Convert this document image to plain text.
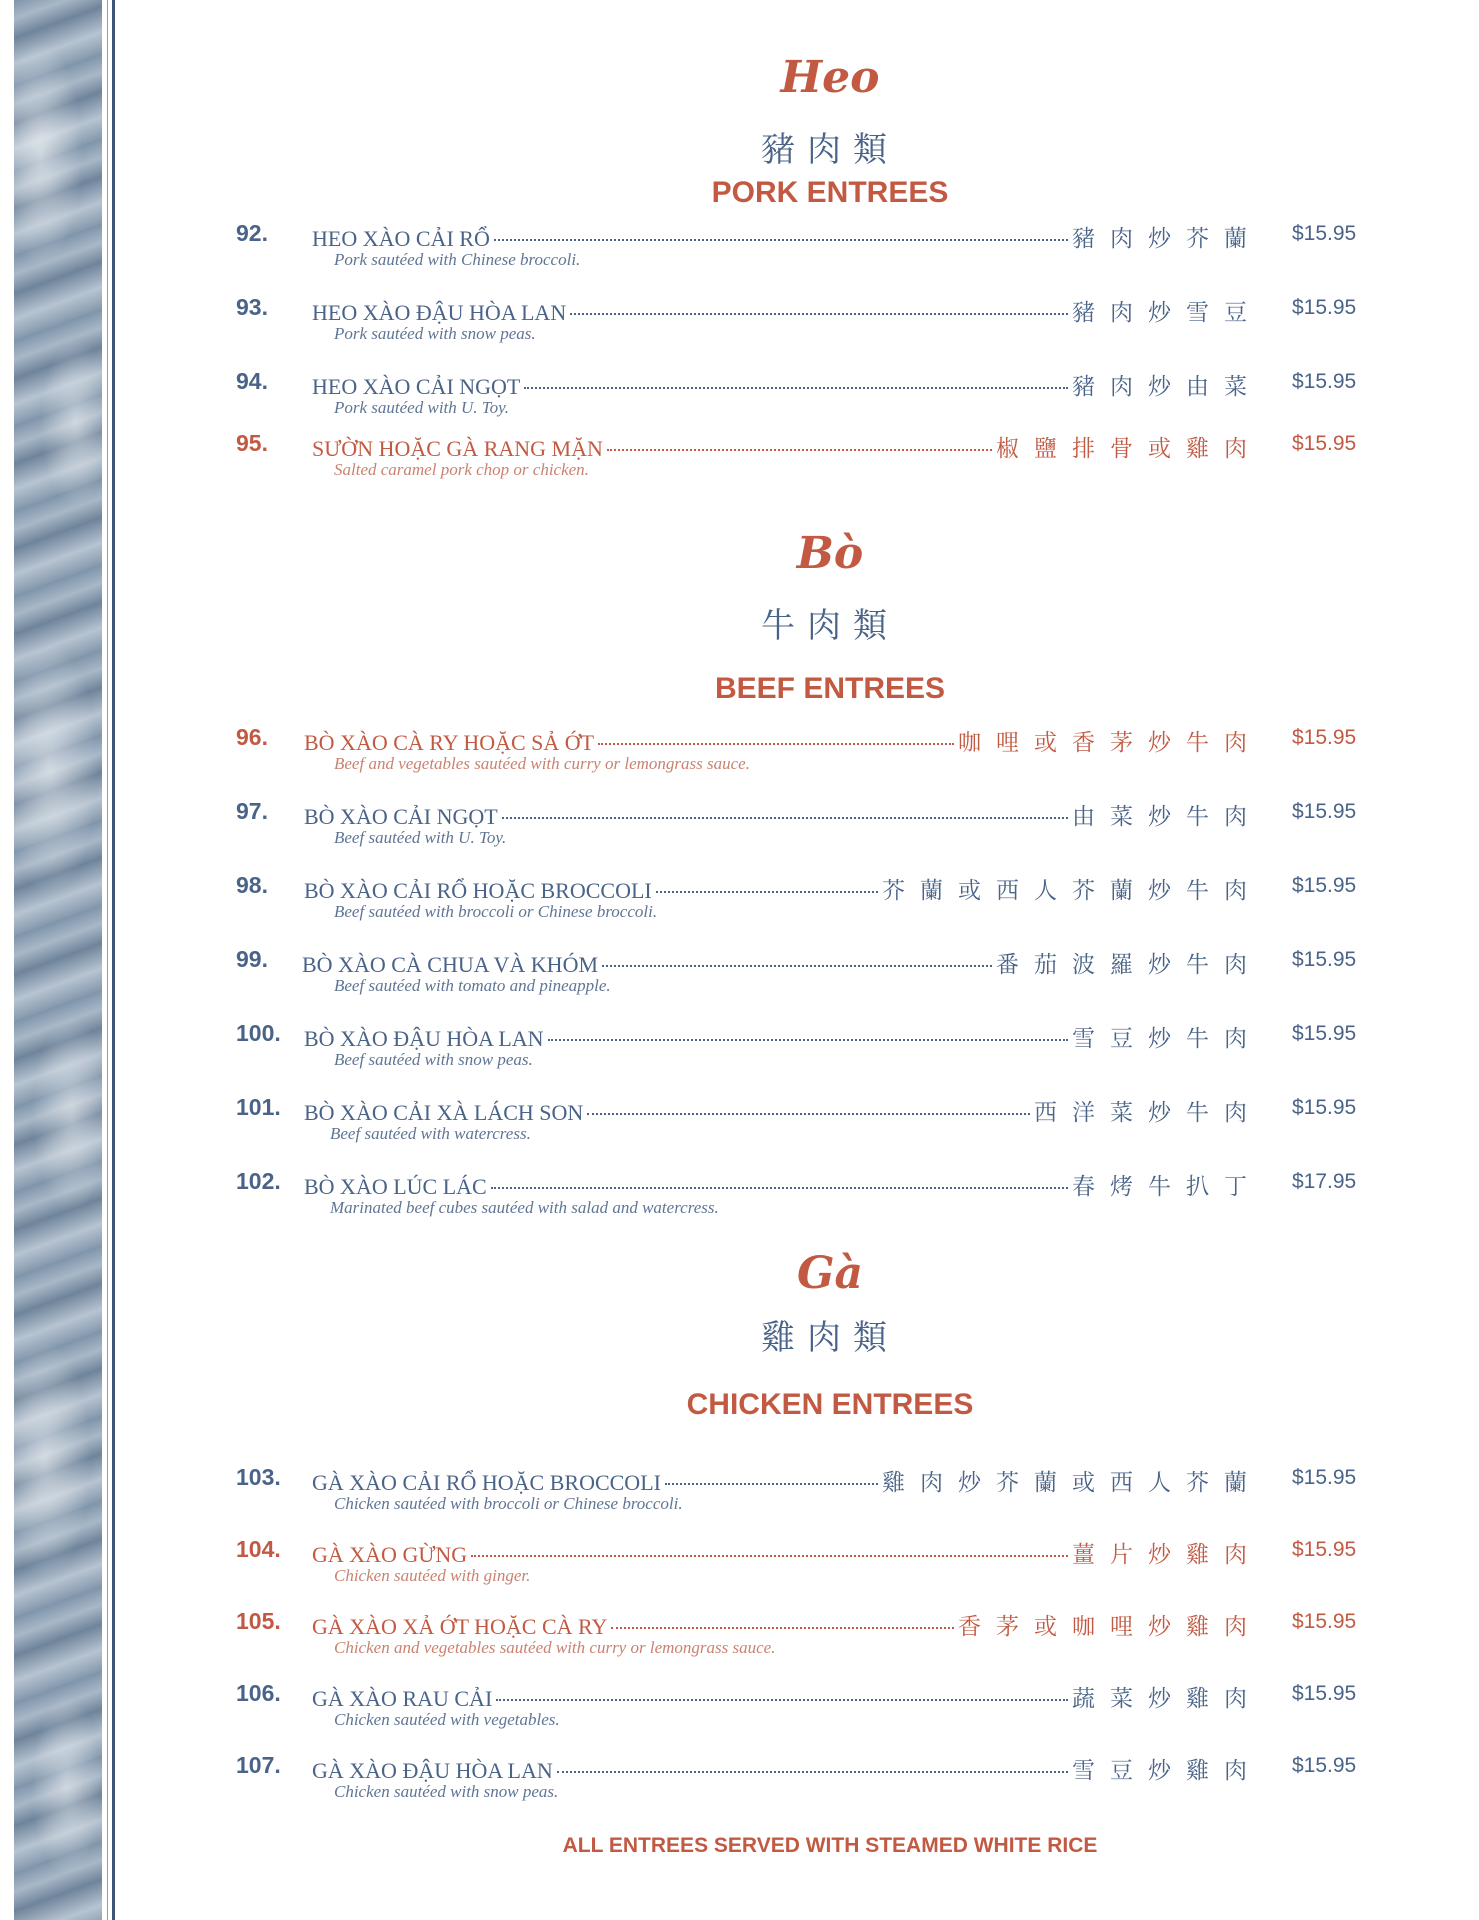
Heo
豬肉類
PORK ENTREES
92. HEO XÀO CẢI RỔ	豬肉炒芥蘭 $15.95
Pork sautéed with Chinese broccoli.
93. HEO XÀO ĐẬU HÒA LAN	豬肉炒雪豆 $15.95
Pork sautéed with snow peas.
94. HEO XÀO CẢI NGỌT	豬肉炒由菜 $15.95
Pork sautéed with U. Toy.
95. SƯỜN HOẶC GÀ RANG MẶN	椒鹽排骨或雞肉 $15.95
Salted caramel pork chop or chicken.
Bò
牛肉類
BEEF ENTREES
96. BÒ XÀO CÀ RY HOẶC SẢ ỚT	咖哩或香茅炒牛肉 $15.95
Beef and vegetables sautéed with curry or lemongrass sauce.
97. BÒ XÀO CẢI NGỌT	由菜炒牛肉 $15.95
Beef sautéed with U. Toy.
98. BÒ XÀO CẢI RỔ HOẶC BROCCOLI	芥蘭或西人芥蘭炒牛肉 $15.95
Beef sautéed with broccoli or Chinese broccoli.
99. BÒ XÀO CÀ CHUA VÀ KHÓM	番茄波羅炒牛肉 $15.95
Beef sautéed with tomato and pineapple.
100. BÒ XÀO ĐẬU HÒA LAN	雪豆炒牛肉 $15.95
Beef sautéed with snow peas.
101. BÒ XÀO CẢI XÀ LÁCH SON	西洋菜炒牛肉 $15.95
Beef sautéed with watercress.
102. BÒ XÀO LÚC LÁC	春烤牛扒丁 $17.95
Marinated beef cubes sautéed with salad and watercress.
Gà
雞肉類
CHICKEN ENTREES
103. GÀ XÀO CẢI RỔ HOẶC BROCCOLI	雞肉炒芥蘭或西人芥蘭 $15.95
Chicken sautéed with broccoli or Chinese broccoli.
104. GÀ XÀO GỪNG	薑片炒雞肉 $15.95
Chicken sautéed with ginger.
105. GÀ XÀO XẢ ỚT HOẶC CÀ RY	香茅或咖哩炒雞肉 $15.95
Chicken and vegetables sautéed with curry or lemongrass sauce.
106. GÀ XÀO RAU CẢI	蔬菜炒雞肉 $15.95
Chicken sautéed with vegetables.
107. GÀ XÀO ĐẬU HÒA LAN	雪豆炒雞肉 $15.95
Chicken sautéed with snow peas.
ALL ENTREES SERVED WITH STEAMED WHITE RICE
